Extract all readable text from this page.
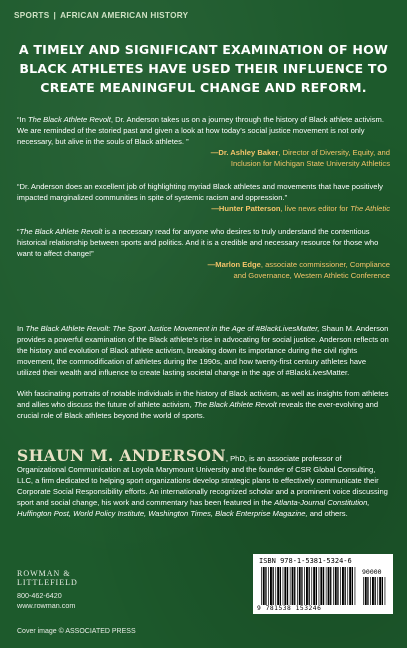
SPORTS | AFRICAN AMERICAN HISTORY
A TIMELY AND SIGNIFICANT EXAMINATION OF HOW
BLACK ATHLETES HAVE USED THEIR INFLUENCE TO
CREATE MEANINGFUL CHANGE AND REFORM.
“In The Black Athlete Revolt, Dr. Anderson takes us on a journey through the history of Black athlete activism. We are reminded of the storied past and given a look at how today’s social justice movement is not only necessary, but alive in the souls of Black athletes. ”
—Dr. Ashley Baker, Director of Diversity, Equity, and
Inclusion for Michigan State University Athletics
“Dr. Anderson does an excellent job of highlighting myriad Black athletes and movements that have positively impacted marginalized communities in spite of systemic racism and oppression.”
—Hunter Patterson, live news editor for The Athletic
“The Black Athlete Revolt is a necessary read for anyone who desires to truly understand the contentious historical relationship between sports and politics. And it is a credible and necessary resource for those who want to affect change!”
—Marlon Edge, associate commissioner, Compliance
and Governance, Western Athletic Conference

In The Black Athlete Revolt: The Sport Justice Movement in the Age of #BlackLivesMatter, Shaun M. Anderson provides a powerful examination of the Black athlete’s rise in advocating for social justice. Anderson reflects on the history and evolution of Black athlete activism, breaking down its importance during the civil rights movement, the commodification of athletes during the 1990s, and how twenty-first century athletes have utilized their wealth and influence to create lasting societal change in the age of #BlackLivesMatter.

With fascinating portraits of notable individuals in the history of Black activism, as well as insights from athletes and allies who discuss the future of athlete activism, The Black Athlete Revolt reveals the ever-evolving and crucial role of Black athletes beyond the world of sports.

SHAUN M. ANDERSON, PhD, is an associate professor of Organizational Communication at Loyola Marymount University and the founder of CSR Global Consulting, LLC, a firm dedicated to helping sport organizations develop strategic plans to effectively communicate their Corporate Social Responsibility efforts. An internationally recognized scholar and a prominent voice discussing sport and social change, his work and commentary has been featured in the Atlanta-Journal Constitution, Huffington Post, World Policy Institute, Washington Times, Black Enterprise Magazine, and others.
ROWMAN &
LITTLEFIELD
800-462-6420
www.rowman.com
Cover image © ASSOCIATED PRESS
ISBN 978-1-5381-5324-6
90000
9 781538 153246
